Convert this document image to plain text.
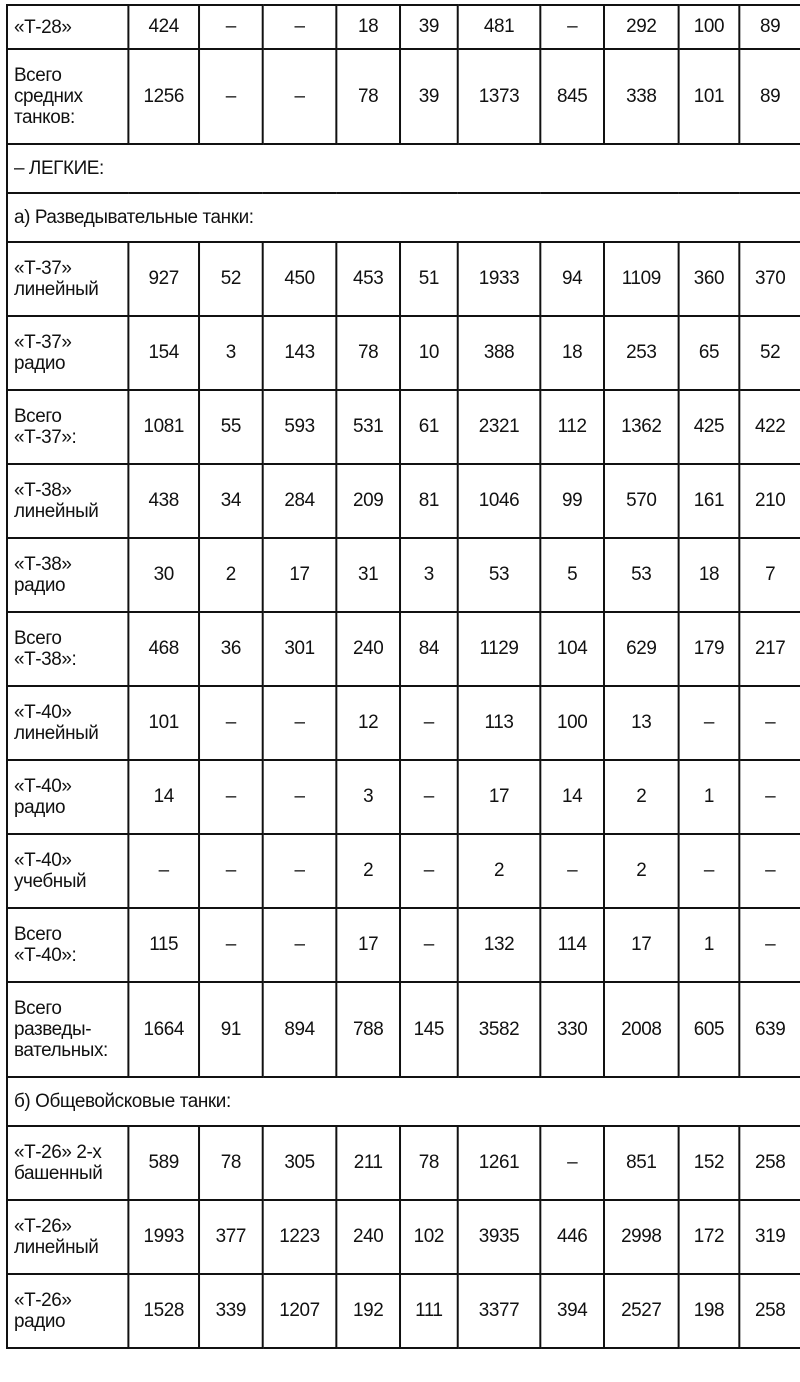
«Т-28»	424	–	–	18	39	481	–	292	100	89
Всего
средних
танков:	1256	–	–	78	39	1373	845	338	101	89
– ЛЕГКИЕ:										
а) Разведывательные танки:										
«Т-37»
линейный	927	52	450	453	51	1933	94	1109	360	370
«Т-37»
радио	154	3	143	78	10	388	18	253	65	52
Всего
«Т-37»:	1081	55	593	531	61	2321	112	1362	425	422
«Т-38»
линейный	438	34	284	209	81	1046	99	570	161	210
«Т-38»
радио	30	2	17	31	3	53	5	53	18	7
Всего
«Т-38»:	468	36	301	240	84	1129	104	629	179	217
«Т-40»
линейный	101	–	–	12	–	113	100	13	–	–
«Т-40»
радио	14	–	–	3	–	17	14	2	1	–
«Т-40»
учебный	–	–	–	2	–	2	–	2	–	–
Всего
«Т-40»:	115	–	–	17	–	132	114	17	1	–
Всего
разведы-
вательных:	1664	91	894	788	145	3582	330	2008	605	639
б) Общевойсковые танки:										
«Т-26» 2-х
башенный	589	78	305	211	78	1261	–	851	152	258
«Т-26»
линейный	1993	377	1223	240	102	3935	446	2998	172	319
«Т-26»
радио	1528	339	1207	192	111	3377	394	2527	198	258
